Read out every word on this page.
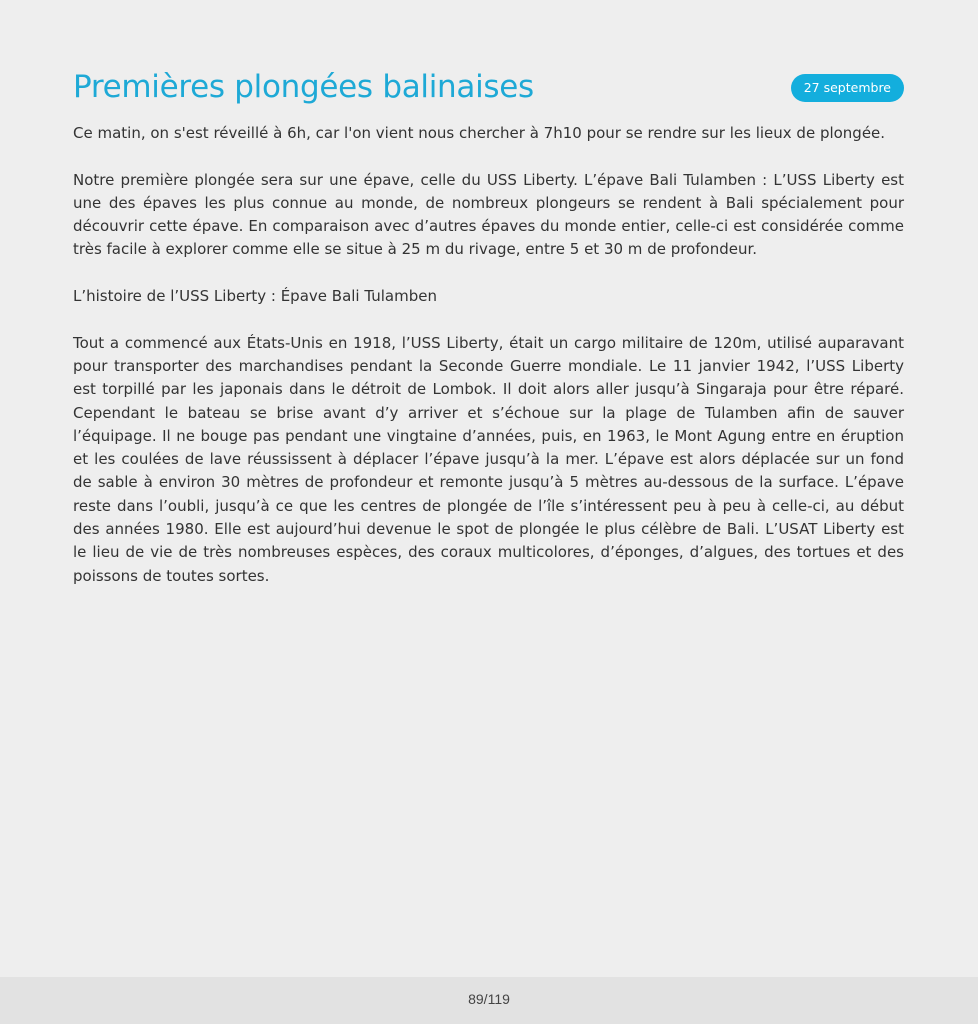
Premières plongées balinaises	27 septembre

Ce matin, on s'est réveillé à 6h, car l'on vient nous chercher à 7h10 pour se rendre sur les lieux de plongée.

Notre première plongée sera sur une épave, celle du USS Liberty. L’épave Bali Tulamben : L’USS Liberty est une des épaves les plus connue au monde, de nombreux plongeurs se rendent à Bali spécialement pour découvrir cette épave. En comparaison avec d’autres épaves du monde entier, celle-ci est considérée comme très facile à explorer comme elle se situe à 25 m du rivage, entre 5 et 30 m de profondeur.

L’histoire de l’USS Liberty : Épave Bali Tulamben

Tout a commencé aux États-Unis en 1918, l’USS Liberty, était un cargo militaire de 120m, utilisé auparavant pour transporter des marchandises pendant la Seconde Guerre mondiale. Le 11 janvier 1942, l’USS Liberty est torpillé par les japonais dans le détroit de Lombok. Il doit alors aller jusqu’à Singaraja pour être réparé. Cependant le bateau se brise avant d’y arriver et s’échoue sur la plage de Tulamben afin de sauver l’équipage. Il ne bouge pas pendant une vingtaine d’années, puis, en 1963, le Mont Agung entre en éruption et les coulées de lave réussissent à déplacer l’épave jusqu’à la mer. L’épave est alors déplacée sur un fond de sable à environ 30 mètres de profondeur et remonte jusqu’à 5 mètres au-dessous de la surface. L’épave reste dans l’oubli, jusqu’à ce que les centres de plongée de l’île s’intéressent peu à peu à celle-ci, au début des années 1980. Elle est aujourd’hui devenue le spot de plongée le plus célèbre de Bali. L’USAT Liberty est le lieu de vie de très nombreuses espèces, des coraux multicolores, d’éponges, d’algues, des tortues et des poissons de toutes sortes.

89/119
